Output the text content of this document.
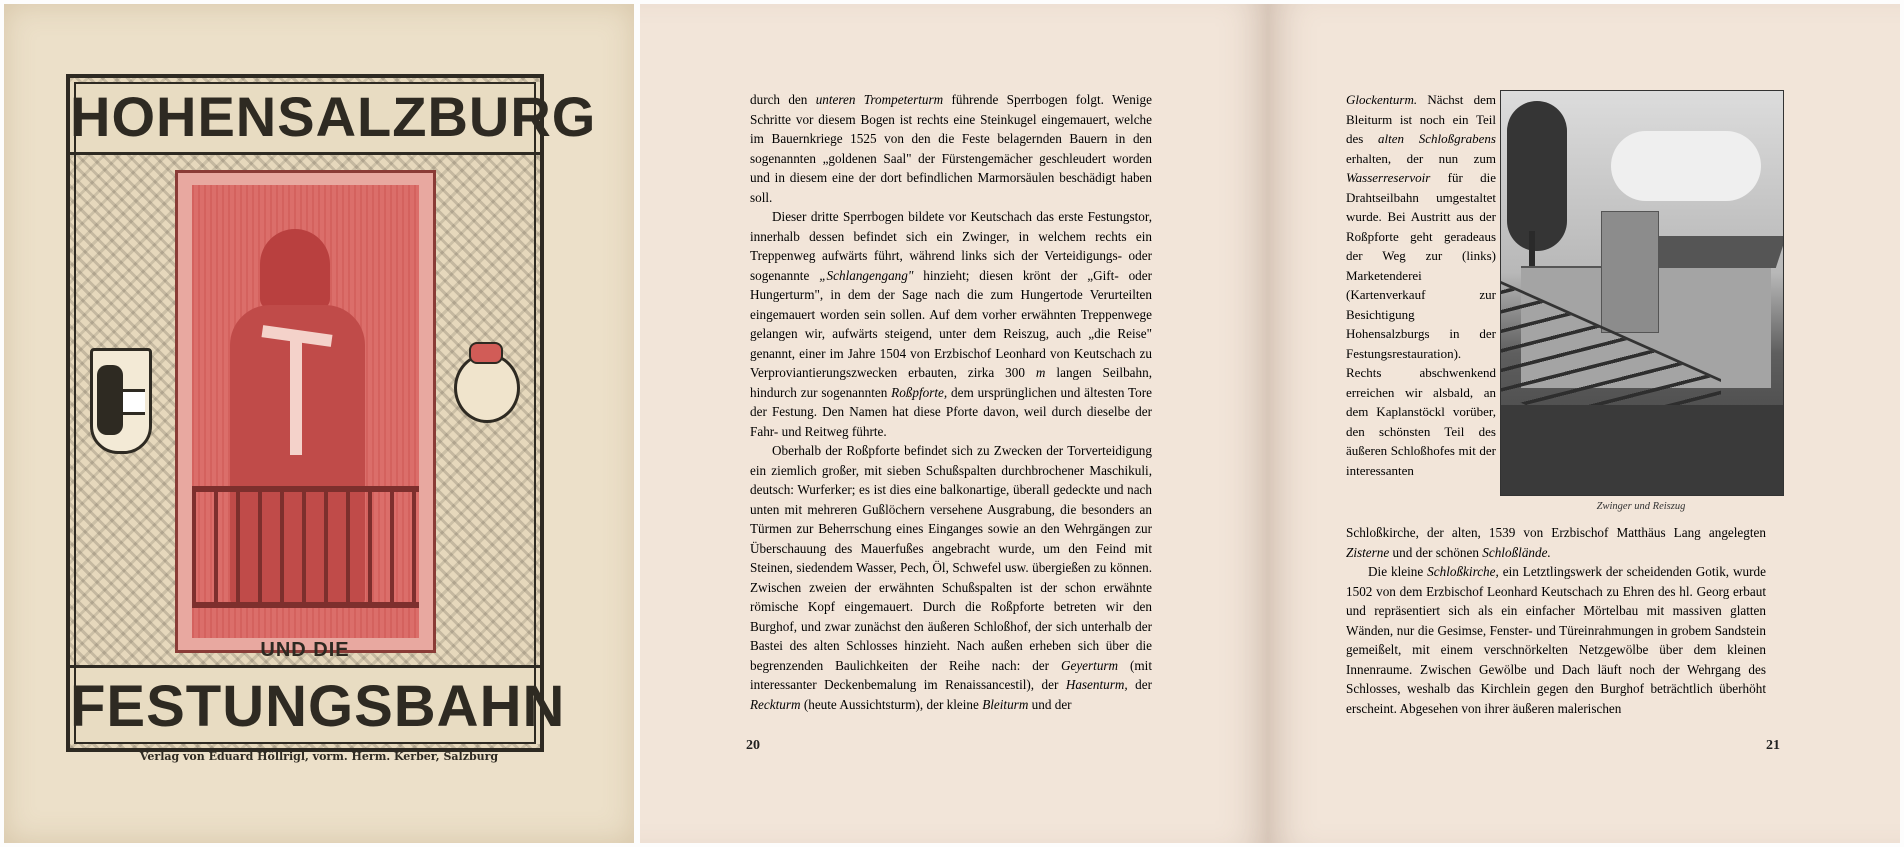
HOHENSALZBURG
UND DIE
FESTUNGSBAHN
Verlag von Eduard Höllrigl, vorm. Herm. Kerber, Salzburg

durch den unteren Trompeterturm führende Sperrbogen folgt. Wenige Schritte vor diesem Bogen ist rechts eine Steinkugel eingemauert, welche im Bauernkriege 1525 von den die Feste belagernden Bauern in den sogenannten „goldenen Saal" der Fürstengemächer geschleudert worden und in diesem eine der dort befindlichen Marmorsäulen beschädigt haben soll.

Dieser dritte Sperrbogen bildete vor Keutschach das erste Festungstor, innerhalb dessen befindet sich ein Zwinger, in welchem rechts ein Treppenweg aufwärts führt, während links sich der Verteidigungs- oder sogenannte „Schlangengang" hinzieht; diesen krönt der „Gift- oder Hungerturm", in dem der Sage nach die zum Hungertode Verurteilten eingemauert worden sein sollen. Auf dem vorher erwähnten Treppenwege gelangen wir, aufwärts steigend, unter dem Reiszug, auch „die Reise" genannt, einer im Jahre 1504 von Erzbischof Leonhard von Keutschach zu Verproviantierungszwecken erbauten, zirka 300 m langen Seilbahn, hindurch zur sogenannten Roßpforte, dem ursprünglichen und ältesten Tore der Festung. Den Namen hat diese Pforte davon, weil durch dieselbe der Fahr- und Reitweg führte.

Oberhalb der Roßpforte befindet sich zu Zwecken der Torverteidigung ein ziemlich großer, mit sieben Schußspalten durchbrochener Maschikuli, deutsch: Wurferker; es ist dies eine balkonartige, überall gedeckte und nach unten mit mehreren Gußlöchern versehene Ausgrabung, die besonders an Türmen zur Beherrschung eines Einganges sowie an den Wehrgängen zur Überschauung des Mauerfußes angebracht wurde, um den Feind mit Steinen, siedendem Wasser, Pech, Öl, Schwefel usw. übergießen zu können. Zwischen zweien der erwähnten Schußspalten ist der schon erwähnte römische Kopf eingemauert. Durch die Roßpforte betreten wir den Burghof, und zwar zunächst den äußeren Schloßhof, der sich unterhalb der Bastei des alten Schlosses hinzieht. Nach außen erheben sich über die begrenzenden Baulichkeiten der Reihe nach: der Geyerturm (mit interessanter Deckenbemalung im Renaissancestil), der Hasenturm, der Reckturm (heute Aussichtsturm), der kleine Bleiturm und der

20

Glockenturm. Nächst dem Bleiturm ist noch ein Teil des alten Schloßgrabens erhalten, der nun zum Wasserreservoir für die Drahtseilbahn umgestaltet wurde. Bei Austritt aus der Roßpforte geht geradeaus der Weg zur (links) Marketenderei (Kartenverkauf zur Besichtigung Hohensalzburgs in der Festungsrestauration). Rechts abschwenkend erreichen wir alsbald, an dem Kaplanstöckl vorüber, den schönsten Teil des äußeren Schloßhofes mit der interessanten

Zwinger und Reiszug

Schloßkirche, der alten, 1539 von Erzbischof Matthäus Lang angelegten Zisterne und der schönen Schloßlände.

Die kleine Schloßkirche, ein Letztlingswerk der scheidenden Gotik, wurde 1502 von dem Erzbischof Leonhard Keutschach zu Ehren des hl. Georg erbaut und repräsentiert sich als ein einfacher Mörtelbau mit massiven glatten Wänden, nur die Gesimse, Fenster- und Türeinrahmungen in grobem Sandstein gemeißelt, mit einem verschnörkelten Netzgewölbe über dem kleinen Innenraume. Zwischen Gewölbe und Dach läuft noch der Wehrgang des Schlosses, weshalb das Kirchlein gegen den Burghof beträchtlich überhöht erscheint. Abgesehen von ihrer äußeren malerischen

21
